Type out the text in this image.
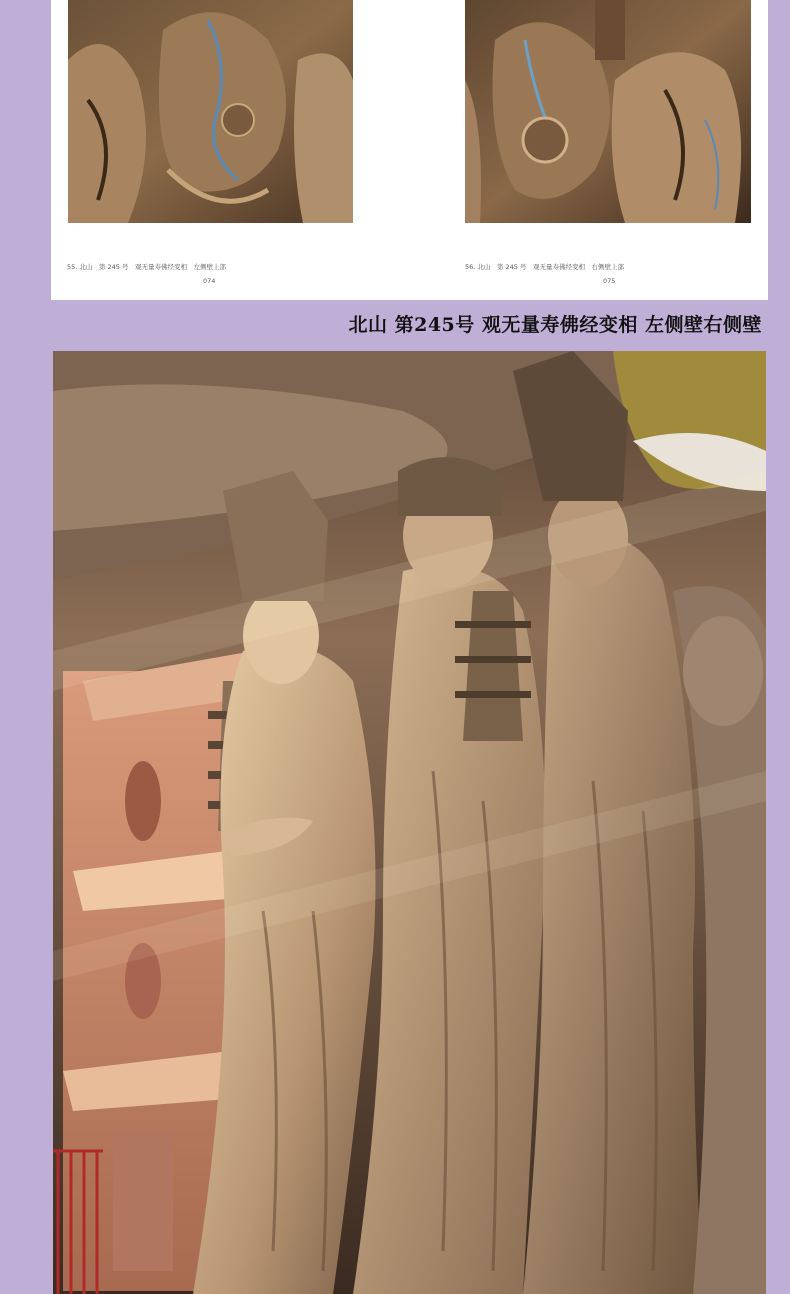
55. 北山　第 245 号　观无量寿佛经变相　左侧壁上部	56. 北山　第 245 号　观无量寿佛经变相　右侧壁上部
074	075
北山 第245号 观无量寿佛经变相 左侧壁右侧壁
